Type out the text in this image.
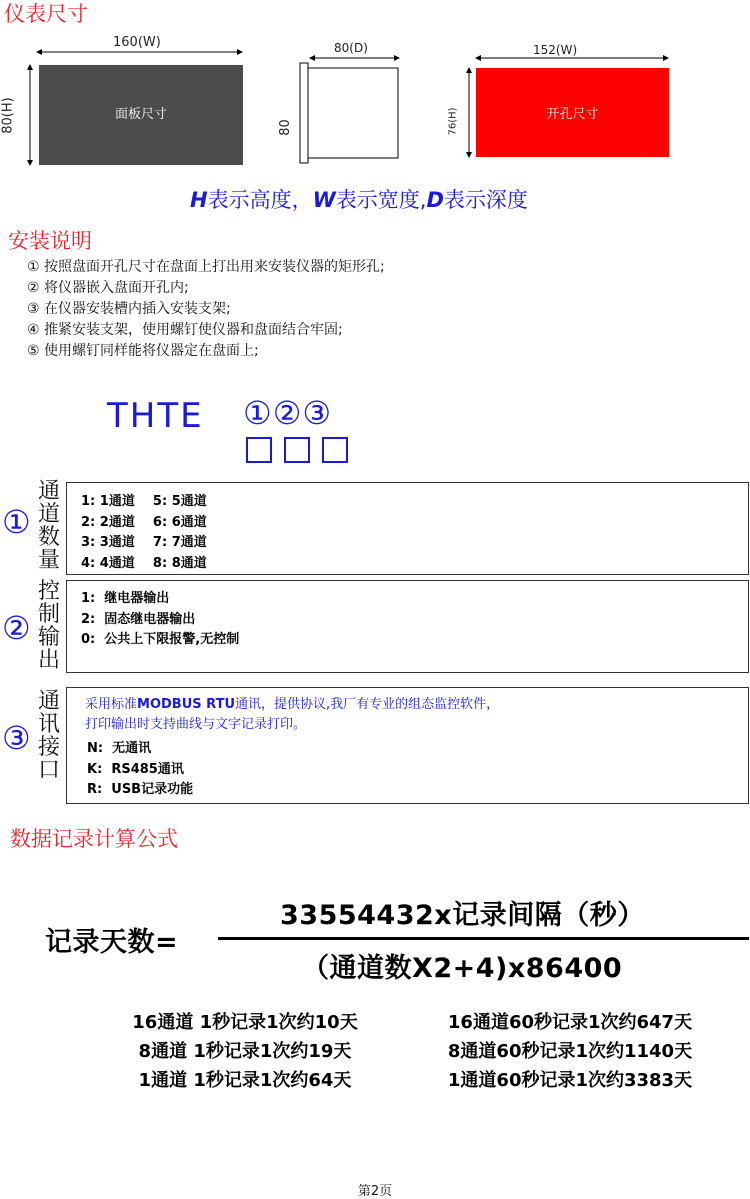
仪表尺寸
160(W)
80(H)	面板尺寸
80(D)
80
152(W)
76(H)	开孔尺寸
H表示高度，W表示宽度,D表示深度
安装说明
① 按照盘面开孔尺寸在盘面上打出用来安装仪器的矩形孔;
② 将仪器嵌入盘面开孔内;
③ 在仪器安装槽内插入安装支架;
④ 推紧安装支架，使用螺钉使仪器和盘面结合牢固;
⑤ 使用螺钉同样能将仪器定在盘面上;
THTE ①②③
①
通
道
数
量
1: 1通道    5: 5通道
2: 2通道    6: 6通道
3: 3通道    7: 7通道
4: 4通道    8: 8通道
②
控
制
输
出
1:  继电器输出
2:  固态继电器输出
0:  公共上下限报警,无控制
③
通
讯
接
口
采用标准MODBUS RTU通讯，提供协议,我厂有专业的组态监控软件，
打印输出时支持曲线与文字记录打印。
N:  无通讯
K:  RS485通讯
R:  USB记录功能
数据记录计算公式
记录天数=
33554432x记录间隔（秒）
（通道数X2+4)x86400
16通道 1秒记录1次约10天
8通道 1秒记录1次约19天
1通道 1秒记录1次约64天
16通道60秒记录1次约647天
8通道60秒记录1次约1140天
1通道60秒记录1次约3383天
第2页
